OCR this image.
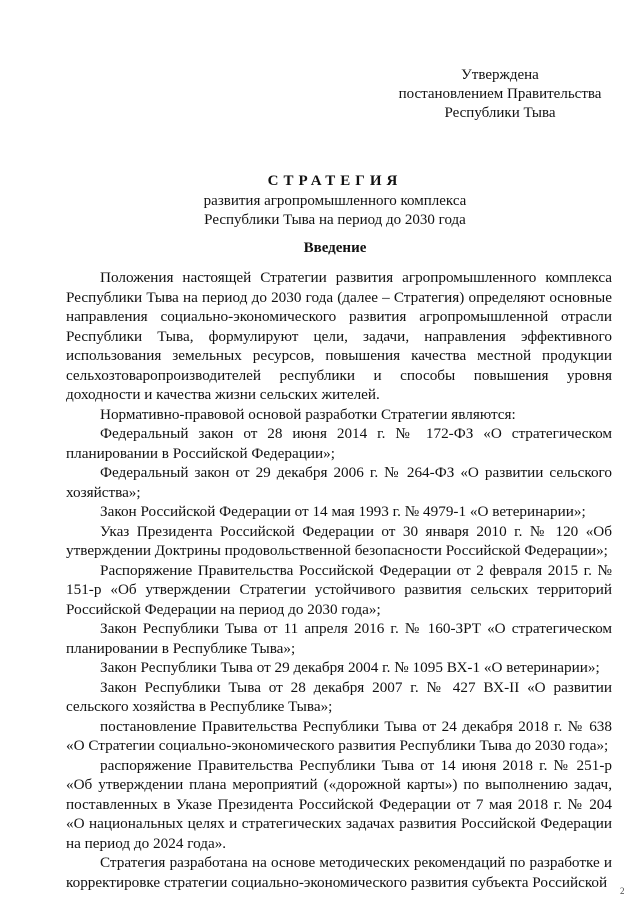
Утверждена
постановлением Правительства
Республики Тыва
СТРАТЕГИЯ
развития агропромышленного комплекса
Республики Тыва на период до 2030 года
Введение

Положения настоящей Стратегии развития агропромышленного комплекса Республики Тыва на период до 2030 года (далее – Стратегия) определяют основные направления социально-экономического развития агропромышленной отрасли Республики Тыва, формулируют цели, задачи, направления эффективного использования земельных ресурсов, повышения качества местной продукции сельхозтоваропроизводителей республики и способы повышения уровня доходности и качества жизни сельских жителей.

Нормативно-правовой основой разработки Стратегии являются:

Федеральный закон от 28 июня 2014 г. № 172-ФЗ «О стратегическом планировании в Российской Федерации»;

Федеральный закон от 29 декабря 2006 г. № 264-ФЗ «О развитии сельского хозяйства»;

Закон Российской Федерации от 14 мая 1993 г. № 4979-1 «О ветеринарии»;

Указ Президента Российской Федерации от 30 января 2010 г. № 120 «Об утверждении Доктрины продовольственной безопасности Российской Федерации»;

Распоряжение Правительства Российской Федерации от 2 февраля 2015 г. № 151-р «Об утверждении Стратегии устойчивого развития сельских территорий Российской Федерации на период до 2030 года»;

Закон Республики Тыва от 11 апреля 2016 г. № 160-ЗРТ «О стратегическом планировании в Республике Тыва»;

Закон Республики Тыва от 29 декабря 2004 г. № 1095 ВХ-1 «О ветеринарии»;

Закон Республики Тыва от 28 декабря 2007 г. № 427 ВХ-II «О развитии сельского хозяйства в Республике Тыва»;

постановление Правительства Республики Тыва от 24 декабря 2018 г. № 638 «О Стратегии социально-экономического развития Республики Тыва до 2030 года»;

распоряжение Правительства Республики Тыва от 14 июня 2018 г. № 251-р «Об утверждении плана мероприятий («дорожной карты») по выполнению задач, поставленных в Указе Президента Российской Федерации от 7 мая 2018 г. № 204 «О национальных целях и стратегических задачах развития Российской Федерации на период до 2024 года».

Стратегия разработана на основе методических рекомендаций по разработке и корректировке стратегии социально-экономического развития субъекта Российской

2
